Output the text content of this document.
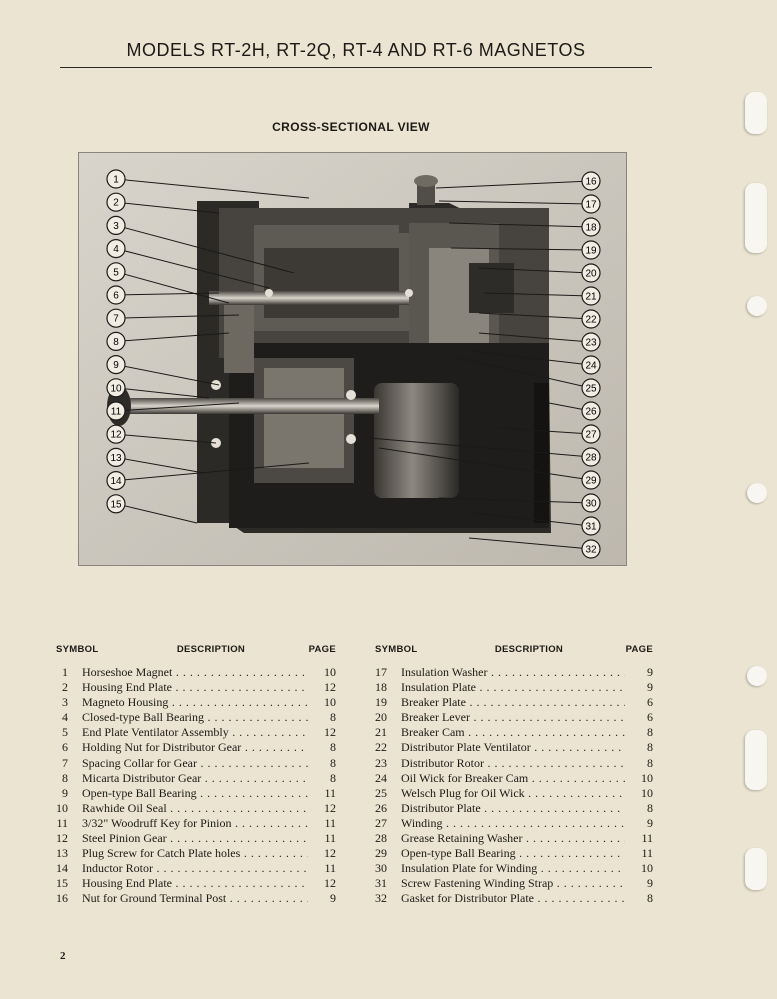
MODELS RT-2H, RT-2Q, RT-4 AND RT-6 MAGNETOS
CROSS-SECTIONAL VIEW
1
2
3
4
5
6
7
8
9
10
11
12
13
14
15
16
17
18
19
20
21
22
23
24
25
26
27
28
29
30
31
32
SYMBOL	DESCRIPTION	PAGE
1 Horseshoe Magnet . . .	10
2 Housing End Plate . . .	12
3 Magneto Housing . . .	10
4 Closed-type Ball Bearing . . .	8
5 End Plate Ventilator Assembly . . .	12
6 Holding Nut for Distributor Gear . . .	8
7 Spacing Collar for Gear . . .	8
8 Micarta Distributor Gear . . .	8
9 Open-type Ball Bearing . . .	11
10 Rawhide Oil Seal . . .	12
11 3/32" Woodruff Key for Pinion . . .	11
12 Steel Pinion Gear . . .	11
13 Plug Screw for Catch Plate holes . . .	12
14 Inductor Rotor . . .	11
15 Housing End Plate . . .	12
16 Nut for Ground Terminal Post . . .	9
SYMBOL	DESCRIPTION	PAGE
17 Insulation Washer . . .	9
18 Insulation Plate . . .	9
19 Breaker Plate . . .	6
20 Breaker Lever . . .	6
21 Breaker Cam . . .	8
22 Distributor Plate Ventilator . . .	8
23 Distributor Rotor . . .	8
24 Oil Wick for Breaker Cam . . .	10
25 Welsch Plug for Oil Wick . . .	10
26 Distributor Plate . . .	8
27 Winding . . .	9
28 Grease Retaining Washer . . .	11
29 Open-type Ball Bearing . . .	11
30 Insulation Plate for Winding . . .	10
31 Screw Fastening Winding Strap . . .	9
32 Gasket for Distributor Plate . . .	8
2
